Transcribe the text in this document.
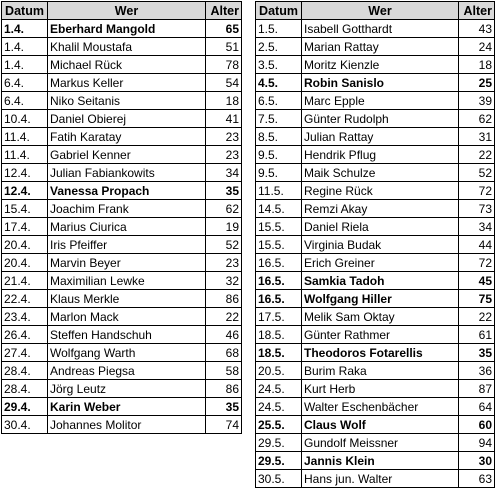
Datum	Wer	Alter
1.4.	Eberhard Mangold	65
1.4.	Khalil Moustafa	51
1.4.	Michael Rück	78
6.4.	Markus Keller	54
6.4.	Niko Seitanis	18
10.4.	Daniel Obierej	41
11.4.	Fatih Karatay	23
11.4.	Gabriel Kenner	23
12.4.	Julian Fabiankowits	34
12.4.	Vanessa Propach	35
15.4.	Joachim Frank	62
17.4.	Marius Ciurica	19
20.4.	Iris Pfeiffer	52
20.4.	Marvin Beyer	23
21.4.	Maximilian Lewke	32
22.4.	Klaus Merkle	86
23.4.	Marlon Mack	22
26.4.	Steffen Handschuh	46
27.4.	Wolfgang Warth	68
28.4.	Andreas Piegsa	58
28.4.	Jörg Leutz	86
29.4.	Karin Weber	35
30.4.	Johannes Molitor	74
Datum	Wer	Alter
1.5.	Isabell Gotthardt	43
2.5.	Marian Rattay	24
3.5.	Moritz Kienzle	18
4.5.	Robin Sanislo	25
6.5.	Marc Epple	39
7.5.	Günter Rudolph	62
8.5.	Julian Rattay	31
9.5.	Hendrik Pflug	22
9.5.	Maik Schulze	52
11.5.	Regine Rück	72
14.5.	Remzi Akay	73
15.5.	Daniel Riela	34
15.5.	Virginia Budak	44
16.5.	Erich Greiner	72
16.5.	Samkia Tadoh	45
16.5.	Wolfgang Hiller	75
17.5.	Melik Sam Oktay	22
18.5.	Günter Rathmer	61
18.5.	Theodoros Fotarellis	35
20.5.	Burim Raka	36
24.5.	Kurt Herb	87
24.5.	Walter Eschenbächer	64
25.5.	Claus Wolf	60
29.5.	Gundolf Meissner	94
29.5.	Jannis Klein	30
30.5.	Hans jun. Walter	63
